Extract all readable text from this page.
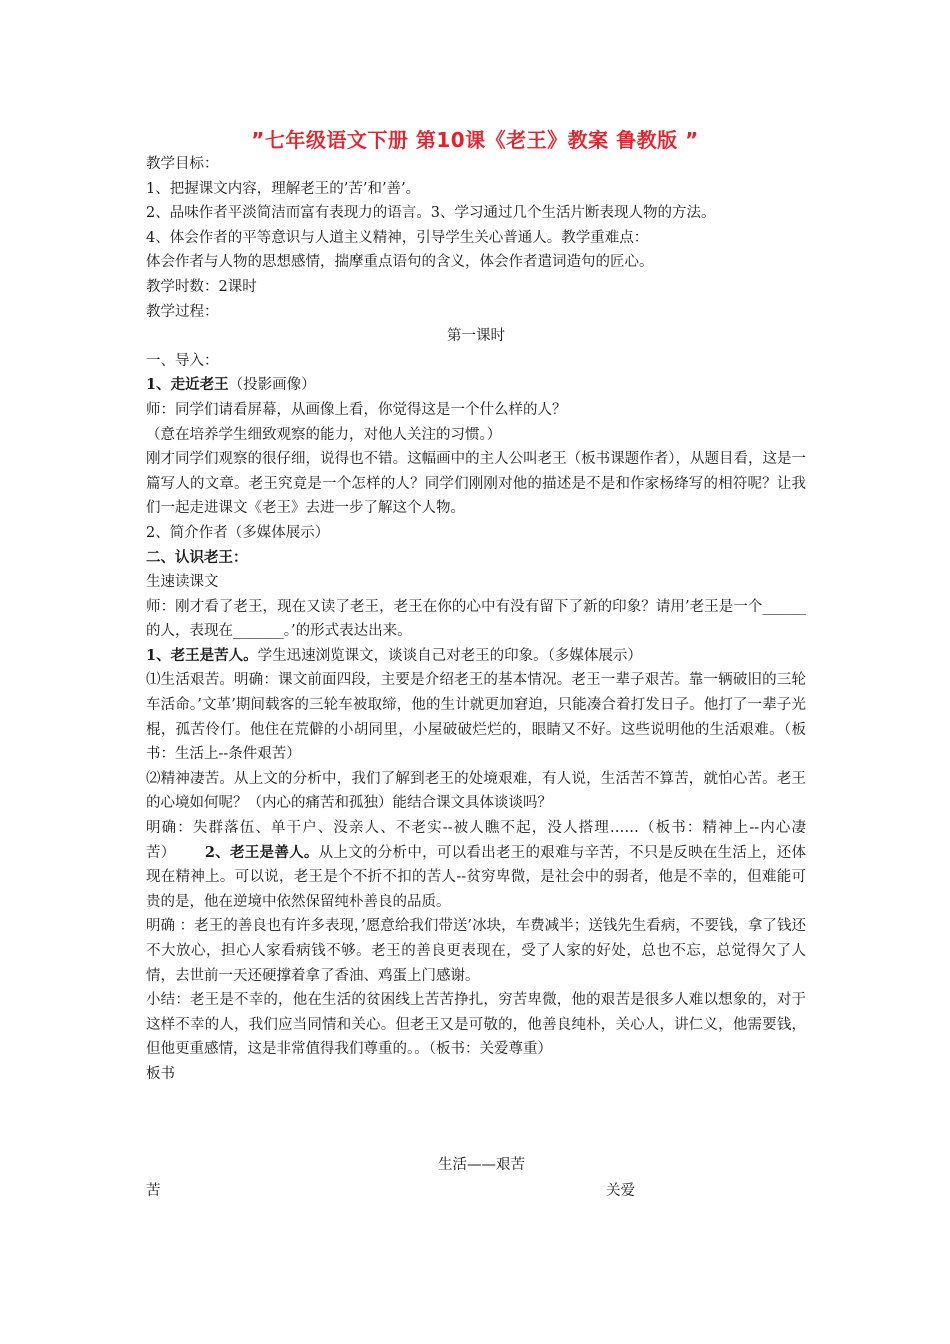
”七年级语文下册 第10课《老王》教案 鲁教版 ”
教学目标：
1、把握课文内容，理解老王的’苦’和’善’。
2、品味作者平淡简洁而富有表现力的语言。3、学习通过几个生活片断表现人物的方法。
4、体会作者的平等意识与人道主义精神，引导学生关心普通人。教学重难点：
体会作者与人物的思想感情，揣摩重点语句的含义，体会作者遣词造句的匠心。
教学时数：2课时
教学过程：
第一课时
一、导入：
1、走近老王（投影画像）
师：同学们请看屏幕，从画像上看，你觉得这是一个什么样的人？
（意在培养学生细致观察的能力，对他人关注的习惯。）
刚才同学们观察的很仔细，说得也不错。这幅画中的主人公叫老王（板书课题作者），从题目看，这是一篇写人的文章。老王究竟是一个怎样的人？同学们刚刚对他的描述是不是和作家杨绛写的相符呢？让我们一起走进课文《老王》去进一步了解这个人物。
2、简介作者（多媒体展示）
二、认识老王：
生速读课文
师：刚才看了老王，现在又读了老王，老王在你的心中有没有留下了新的印象？请用’老王是一个______的人，表现在_______。’的形式表达出来。
1、老王是苦人。学生迅速浏览课文，谈谈自己对老王的印象。（多媒体展示）
⑴生活艰苦。明确：课文前面四段，主要是介绍老王的基本情况。老王一辈子艰苦。靠一辆破旧的三轮车活命。’文革’期间载客的三轮车被取缔，他的生计就更加窘迫，只能凑合着打发日子。他打了一辈子光棍，孤苦伶仃。他住在荒僻的小胡同里，小屋破破烂烂的，眼睛又不好。这些说明他的生活艰难。（板书：生活上--条件艰苦）
⑵精神凄苦。从上文的分析中，我们了解到老王的处境艰难，有人说，生活苦不算苦，就怕心苦。老王的心境如何呢？（内心的痛苦和孤独）能结合课文具体谈谈吗？
明确：失群落伍、单干户、没亲人、不老实--被人瞧不起，没人搭理……（板书：精神上--内心凄苦） 2、老王是善人。从上文的分析中，可以看出老王的艰难与辛苦，不只是反映在生活上，还体现在精神上。可以说，老王是个不折不扣的苦人--贫穷卑微，是社会中的弱者，他是不幸的，但难能可贵的是，他在逆境中依然保留纯朴善良的品质。
明确 ：老王的善良也有许多表现，’愿意给我们带送’冰块，车费减半；送钱先生看病，不要钱，拿了钱还不大放心，担心人家看病钱不够。老王的善良更表现在，受了人家的好处，总也不忘，总觉得欠了人情，去世前一天还硬撑着拿了香油、鸡蛋上门感谢。
小结：老王是不幸的，他在生活的贫困线上苦苦挣扎，穷苦卑微，他的艰苦是很多人难以想象的，对于这样不幸的人，我们应当同情和关心。但老王又是可敬的，他善良纯朴，关心人，讲仁义，他需要钱，但他更重感情，这是非常值得我们尊重的。。（板书：关爱尊重）
板书
生活——艰苦
苦	关爱
